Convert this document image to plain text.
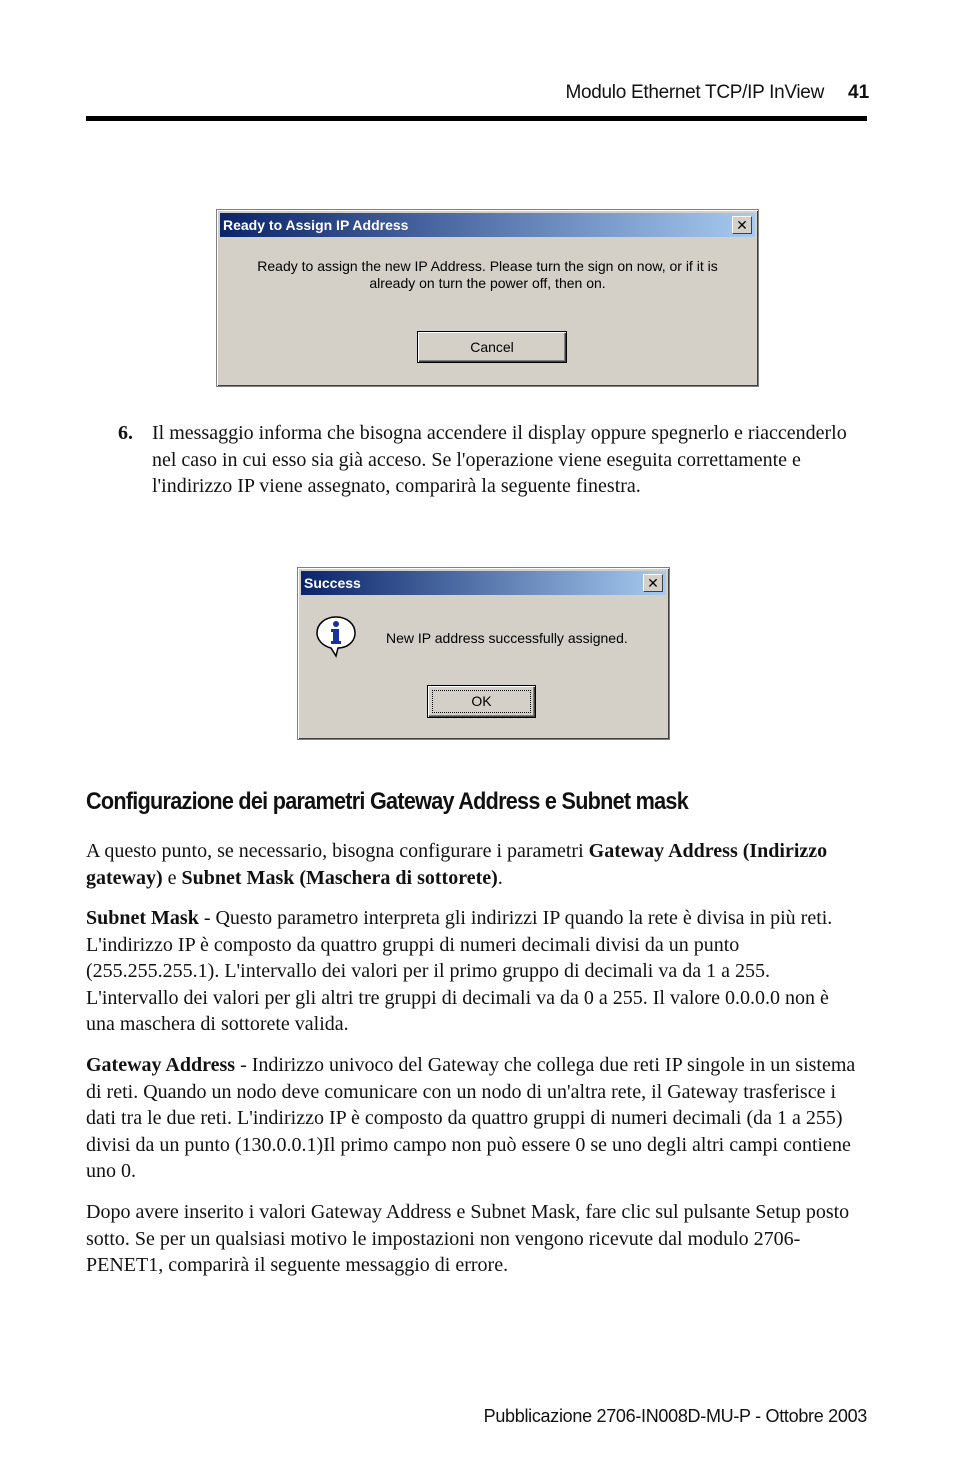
Modulo Ethernet TCP/IP InView 41
Ready to Assign IP Address	✕
Ready to assign the new IP Address. Please turn the sign on now, or if it is
already on turn the power off, then on.
Cancel
6. Il messaggio informa che bisogna accendere il display oppure spegnerlo e riaccenderlo nel caso in cui esso sia già acceso. Se l'operazione viene eseguita correttamente e l'indirizzo IP viene assegnato, comparirà la seguente finestra.
Success	✕
New IP address successfully assigned.
OK
Configurazione dei parametri Gateway Address e Subnet mask
A questo punto, se necessario, bisogna configurare i parametri Gateway Address (Indirizzo gateway) e Subnet Mask (Maschera di sottorete).
Subnet Mask - Questo parametro interpreta gli indirizzi IP quando la rete è divisa in più reti. L'indirizzo IP è composto da quattro gruppi di numeri decimali divisi da un punto (255.255.255.1). L'intervallo dei valori per il primo gruppo di decimali va da 1 a 255. L'intervallo dei valori per gli altri tre gruppi di decimali va da 0 a 255. Il valore 0.0.0.0 non è una maschera di sottorete valida.
Gateway Address - Indirizzo univoco del Gateway che collega due reti IP singole in un sistema di reti. Quando un nodo deve comunicare con un nodo di un'altra rete, il Gateway trasferisce i dati tra le due reti. L'indirizzo IP è composto da quattro gruppi di numeri decimali (da 1 a 255) divisi da un punto (130.0.0.1)Il primo campo non può essere 0 se uno degli altri campi contiene uno 0.
Dopo avere inserito i valori Gateway Address e Subnet Mask, fare clic sul pulsante Setup posto sotto. Se per un qualsiasi motivo le impostazioni non vengono ricevute dal modulo 2706-PENET1, comparirà il seguente messaggio di errore.
Pubblicazione 2706-IN008D-MU-P - Ottobre 2003
